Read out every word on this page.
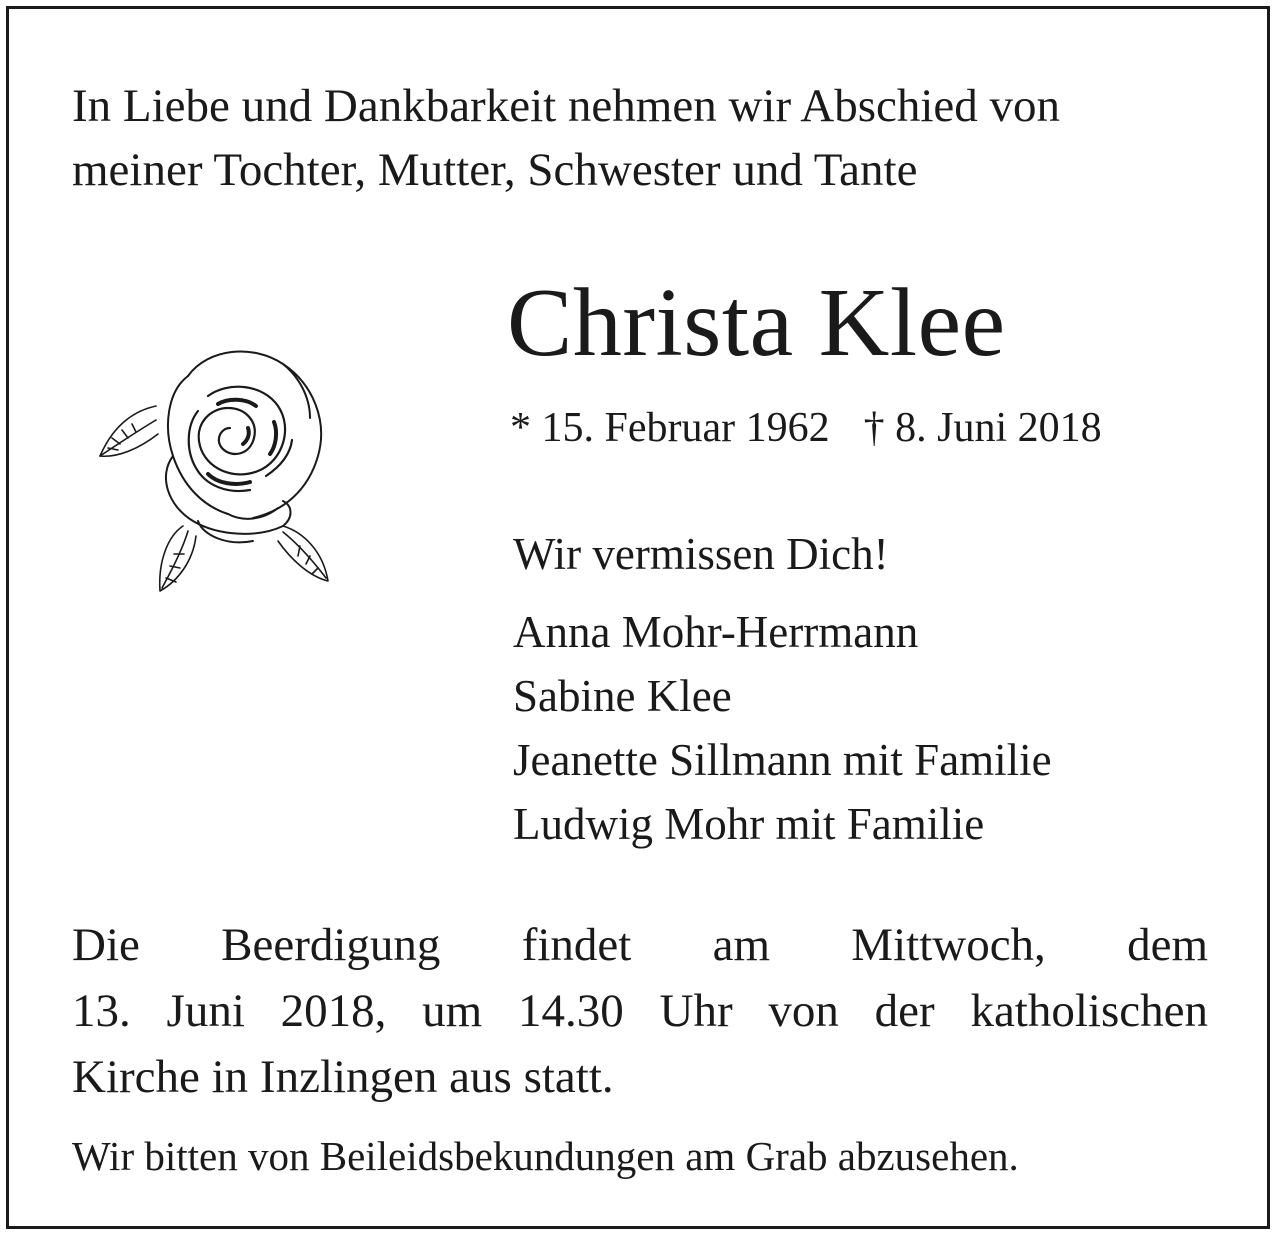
In Liebe und Dankbarkeit nehmen wir Abschied von
meiner Tochter, Mutter, Schwester und Tante

Christa Klee
* 15. Februar 1962 † 8. Juni 2018

Wir vermissen Dich!

Anna Mohr-Herrmann
Sabine Klee
Jeanette Sillmann mit Familie
Ludwig Mohr mit Familie

Die Beerdigung findet am Mittwoch, dem
13. Juni 2018, um 14.30 Uhr von der katholischen
Kirche in Inzlingen aus statt.

Wir bitten von Beileidsbekundungen am Grab abzusehen.
